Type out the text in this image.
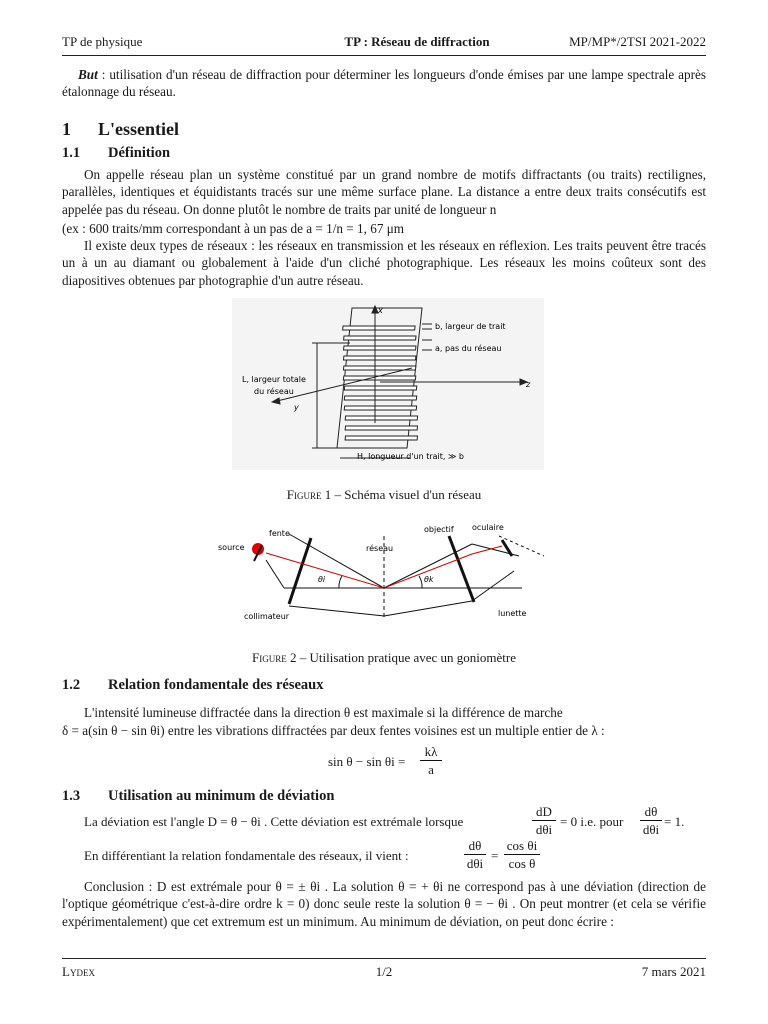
TP de physique	TP : Réseau de diffraction	MP/MP*/2TSI 2021-2022
But : utilisation d'un réseau de diffraction pour déterminer les longueurs d'onde émises par une lampe spectrale après étalonnage du réseau.
1 L'essentiel
1.1 Définition
On appelle réseau plan un système constitué par un grand nombre de motifs diffractants (ou traits) rectilignes, parallèles, identiques et équidistants tracés sur une même surface plane. La distance a entre deux traits consécutifs est appelée pas du réseau. On donne plutôt le nombre de traits par unité de longueur n
(ex : 600 traits/mm correspondant à un pas de a = 1/n = 1, 67 μm
Il existe deux types de réseaux : les réseaux en transmission et les réseaux en réflexion. Les traits peuvent être tracés un à un au diamant ou globalement à l'aide d'un cliché photographique. Les réseaux les moins coûteux sont des diapositives obtenues par photographie d'un autre réseau.
x
z
y
b, largeur de trait
a, pas du réseau
L, largeur totale
du réseau
H, longueur d'un trait, ≫ b
Figure 1 – Schéma visuel d'un réseau
source
fente
réseau
objectif oculaire
collimateur	lunette
θi	θk
Figure 2 – Utilisation pratique avec un goniomètre
1.2 Relation fondamentale des réseaux
L'intensité lumineuse diffractée dans la direction θ est maximale si la différence de marche
δ = a(sin θ − sin θi) entre les vibrations diffractées par deux fentes voisines est un multiple entier de λ :
sin θ − sin θi =
kλ
a
1.3 Utilisation au minimum de déviation
La déviation est l'angle D = θ − θi . Cette déviation est extrémale lorsque
dD
dθi
= 0 i.e. pour
dθ
dθi
= 1.
En différentiant la relation fondamentale des réseaux, il vient :
dθ
dθi
=
cos θi
cos θ
Conclusion : D est extrémale pour θ = ± θi . La solution θ = + θi ne correspond pas à une déviation (direction de l'optique géométrique c'est-à-dire ordre k = 0) donc seule reste la solution θ = − θi . On peut montrer (et cela se vérifie expérimentalement) que cet extremum est un minimum. Au minimum de déviation, on peut donc écrire :
Lydex	1/2	7 mars 2021
